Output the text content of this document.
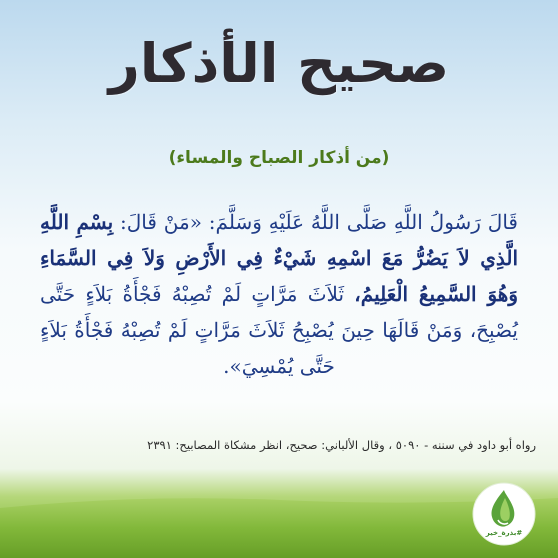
صحيح الأذكار
(من أذكار الصباح والمساء)
قَالَ رَسُولُ اللَّهِ صَلَّى اللَّهُ عَلَيْهِ وَسَلَّمَ: «مَنْ قَالَ: بِسْمِ اللَّهِ الَّذِي لاَ يَضُرُّ مَعَ اسْمِهِ شَيْءٌ فِي الأَرْضِ وَلاَ فِي السَّمَاءِ وَهُوَ السَّمِيعُ الْعَلِيمُ، ثَلاَثَ مَرَّاتٍ لَمْ تُصِبْهُ فَجْأَةُ بَلاَءٍ حَتَّى يُصْبِحَ، وَمَنْ قَالَهَا حِينَ يُصْبِحُ ثَلاَثَ مَرَّاتٍ لَمْ تُصِبْهُ فَجْأَةُ بَلاَءٍ حَتَّى يُمْسِيَ».
رواه أبو داود في سننه - ٥٠٩٠ ، وقال الألباني: صحيح، انظر مشكاة المصابيح: ٢٣٩١
#بذرة_خير
